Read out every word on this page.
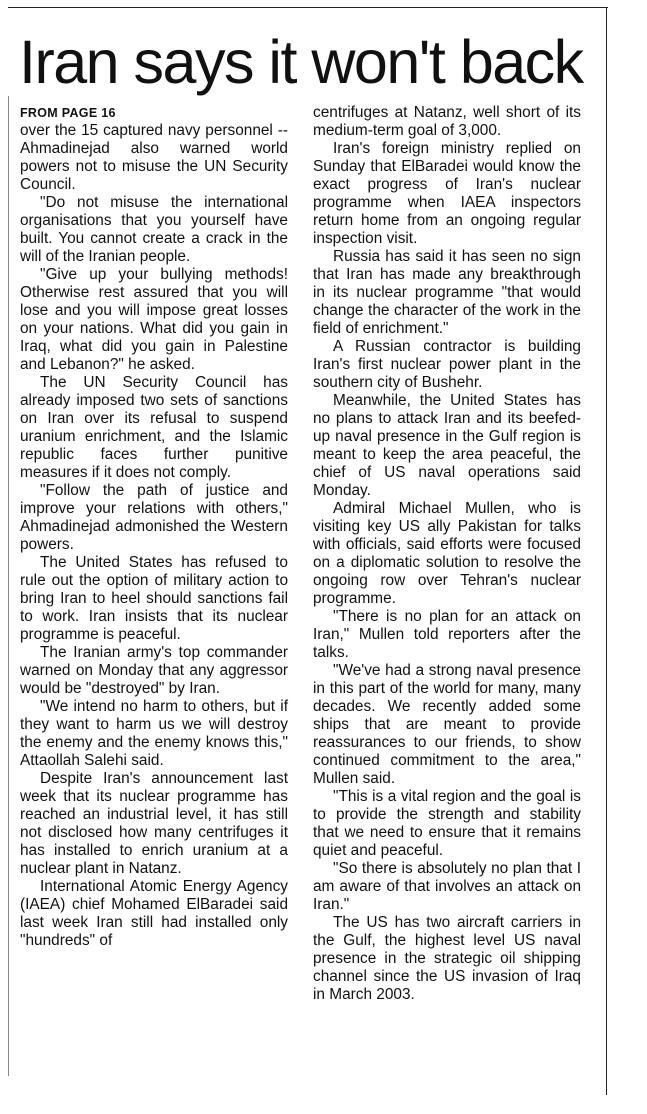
Iran says it won't back
FROM PAGE 16

over the 15 captured navy personnel -- Ahmadinejad also warned world powers not to misuse the UN Security Council.

"Do not misuse the international organisations that you yourself have built. You cannot create a crack in the will of the Iranian people.

"Give up your bullying methods! Otherwise rest assured that you will lose and you will impose great losses on your nations. What did you gain in Iraq, what did you gain in Palestine and Lebanon?" he asked.

The UN Security Council has already imposed two sets of sanctions on Iran over its refusal to suspend uranium enrichment, and the Islamic republic faces further punitive measures if it does not comply.

"Follow the path of justice and improve your relations with others," Ahmadinejad admonished the Western powers.

The United States has refused to rule out the option of military action to bring Iran to heel should sanctions fail to work. Iran insists that its nuclear programme is peaceful.

The Iranian army's top commander warned on Monday that any aggressor would be "destroyed" by Iran.

"We intend no harm to others, but if they want to harm us we will destroy the enemy and the enemy knows this," Attaollah Salehi said.

Despite Iran's announcement last week that its nuclear programme has reached an industrial level, it has still not disclosed how many centrifuges it has installed to enrich uranium at a nuclear plant in Natanz.

International Atomic Energy Agency (IAEA) chief Mohamed ElBaradei said last week Iran still had installed only "hundreds" of

centrifuges at Natanz, well short of its medium-term goal of 3,000.

Iran's foreign ministry replied on Sunday that ElBaradei would know the exact progress of Iran's nuclear programme when IAEA inspectors return home from an ongoing regular inspection visit.

Russia has said it has seen no sign that Iran has made any breakthrough in its nuclear programme "that would change the character of the work in the field of enrichment."

A Russian contractor is building Iran's first nuclear power plant in the southern city of Bushehr.

Meanwhile, the United States has no plans to attack Iran and its beefed-up naval presence in the Gulf region is meant to keep the area peaceful, the chief of US naval operations said Monday.

Admiral Michael Mullen, who is visiting key US ally Pakistan for talks with officials, said efforts were focused on a diplomatic solution to resolve the ongoing row over Tehran's nuclear programme.

"There is no plan for an attack on Iran," Mullen told reporters after the talks.

"We've had a strong naval presence in this part of the world for many, many decades. We recently added some ships that are meant to provide reassurances to our friends, to show continued commitment to the area," Mullen said.

"This is a vital region and the goal is to provide the strength and stability that we need to ensure that it remains quiet and peaceful.

"So there is absolutely no plan that I am aware of that involves an attack on Iran."

The US has two aircraft carriers in the Gulf, the highest level US naval presence in the strategic oil shipping channel since the US invasion of Iraq in March 2003.
